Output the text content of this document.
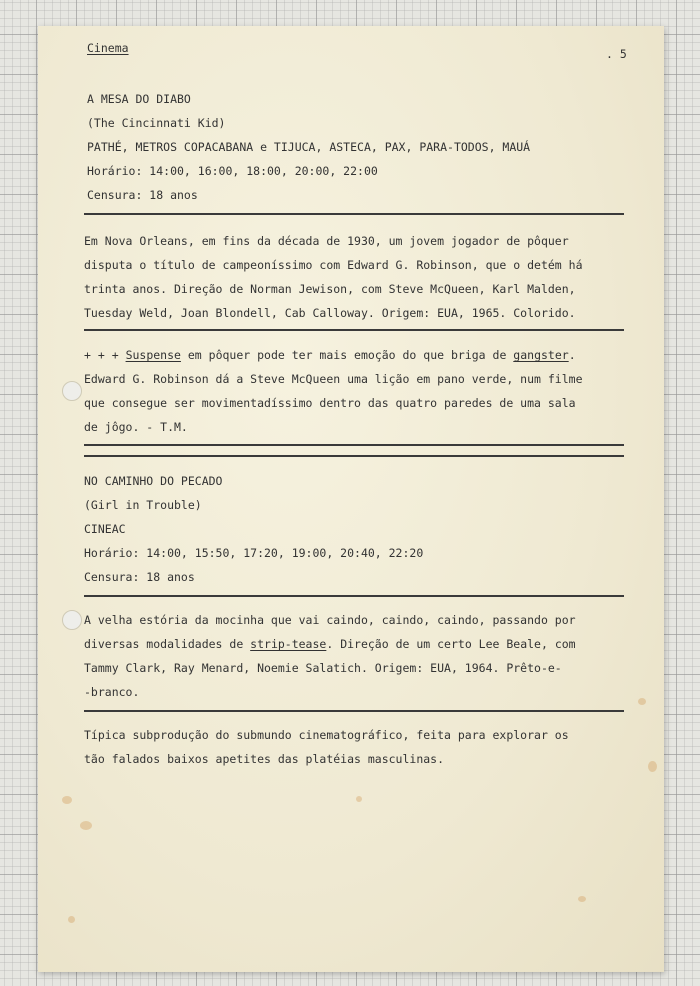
Cinema	. 5
A MESA DO DIABO
(The Cincinnati Kid)
PATHÉ, METROS COPACABANA e TIJUCA, ASTECA, PAX, PARA-TODOS, MAUÁ
Horário: 14:00, 16:00, 18:00, 20:00, 22:00
Censura: 18 anos
Em Nova Orleans, em fins da década de 1930, um jovem jogador de pôquer
disputa o título de campeoníssimo com Edward G. Robinson, que o detém há
trinta anos. Direção de Norman Jewison, com Steve McQueen, Karl Malden,
Tuesday Weld, Joan Blondell, Cab Calloway. Origem: EUA, 1965. Colorido.
+ + + Suspense em pôquer pode ter mais emoção do que briga de gangster.
Edward G. Robinson dá a Steve McQueen uma lição em pano verde, num filme
que consegue ser movimentadíssimo dentro das quatro paredes de uma sala
de jôgo. - T.M.
NO CAMINHO DO PECADO
(Girl in Trouble)
CINEAC
Horário: 14:00, 15:50, 17:20, 19:00, 20:40, 22:20
Censura: 18 anos
A velha estória da mocinha que vai caindo, caindo, caindo, passando por
diversas modalidades de strip-tease. Direção de um certo Lee Beale, com
Tammy Clark, Ray Menard, Noemie Salatich. Origem: EUA, 1964. Prêto-e-
-branco.
Típica subprodução do submundo cinematográfico, feita para explorar os
tão falados baixos apetites das platéias masculinas.
